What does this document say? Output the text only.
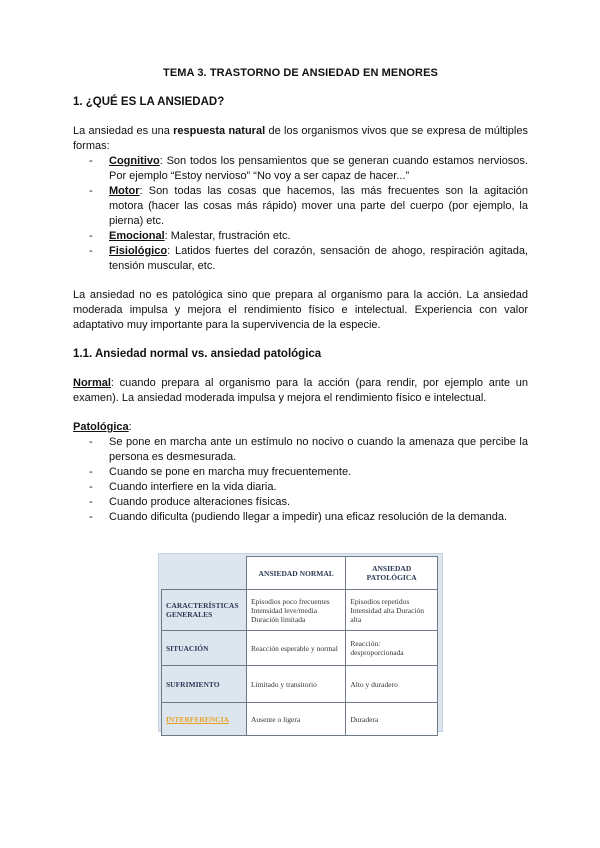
TEMA 3. TRASTORNO DE ANSIEDAD EN MENORES
1. ¿QUÉ ES LA ANSIEDAD?

La ansiedad es una respuesta natural de los organismos vivos que se expresa de múltiples formas:

- Cognitivo: Son todos los pensamientos que se generan cuando estamos nerviosos. Por ejemplo “Estoy nervioso” “No voy a ser capaz de hacer...”
- Motor: Son todas las cosas que hacemos, las más frecuentes son la agitación motora (hacer las cosas más rápido) mover una parte del cuerpo (por ejemplo, la pierna) etc.
- Emocional: Malestar, frustración etc.
- Fisiológico: Latidos fuertes del corazón, sensación de ahogo, respiración agitada, tensión muscular, etc.

La ansiedad no es patológica sino que prepara al organismo para la acción. La ansiedad moderada impulsa y mejora el rendimiento físico e intelectual. Experiencia con valor adaptativo muy importante para la supervivencia de la especie.

1.1. Ansiedad normal vs. ansiedad patológica

Normal: cuando prepara al organismo para la acción (para rendir, por ejemplo ante un examen). La ansiedad moderada impulsa y mejora el rendimiento físico e intelectual.

Patológica:

- Se pone en marcha ante un estímulo no nocivo o cuando la amenaza que percibe la persona es desmesurada.
- Cuando se pone en marcha muy frecuentemente.
- Cuando interfiere en la vida diaria.
- Cuando produce alteraciones físicas.
- Cuando dificulta (pudiendo llegar a impedir) una eficaz resolución de la demanda.
	ANSIEDAD NORMAL	ANSIEDAD PATOLÓGICA
CARACTERÍSTICAS GENERALES	Episodios poco frecuentes Intensidad leve/media Duración limitada	Episodios repetidos Intensidad alta Duración alta
SITUACIÓN	Reacción esperable y normal	Reacción: desproporcionada
SUFRIMIENTO	Limitado y transitorio	Alto y duradero
INTERFERENCIA	Ausente o ligera	Duradera
